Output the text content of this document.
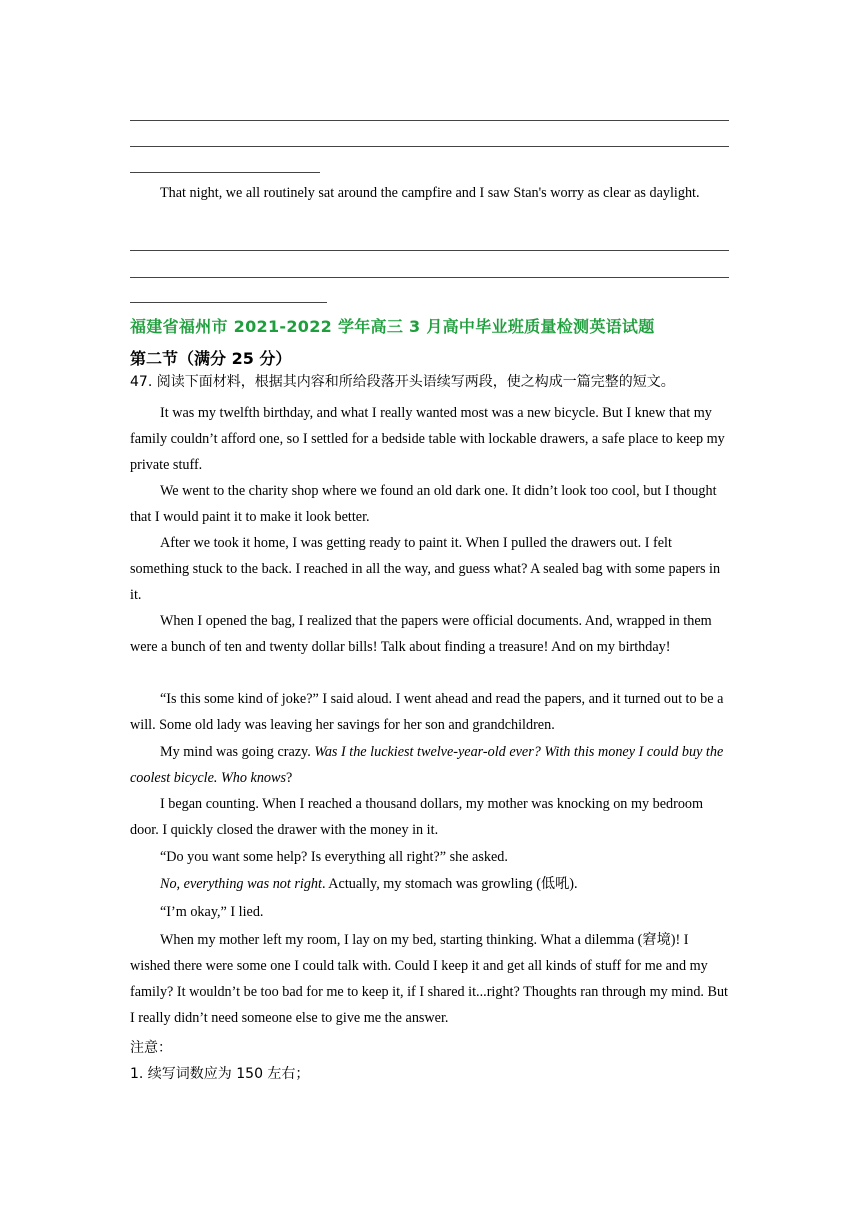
That night, we all routinely sat around the campfire and I saw Stan's worry as clear as daylight.

福建省福州市 2021-2022 学年高三 3 月高中毕业班质量检测英语试题
第二节（满分 25 分）
47. 阅读下面材料，根据其内容和所给段落开头语续写两段，使之构成一篇完整的短文。

It was my twelfth birthday, and what I really wanted most was a new bicycle. But I knew that my family couldn’t afford one, so I settled for a bedside table with lockable drawers, a safe place to keep my private stuff.

We went to the charity shop where we found an old dark one. It didn’t look too cool, but I thought that I would paint it to make it look better.

After we took it home, I was getting ready to paint it. When I pulled the drawers out. I felt something stuck to the back. I reached in all the way, and guess what? A sealed bag with some papers in it.

When I opened the bag, I realized that the papers were official documents. And, wrapped in them were a bunch of ten and twenty dollar bills! Talk about finding a treasure! And on my birthday!

“Is this some kind of joke?” I said aloud. I went ahead and read the papers, and it turned out to be a will. Some old lady was leaving her savings for her son and grandchildren.

My mind was going crazy. Was I the luckiest twelve-year-old ever? With this money I could buy the coolest bicycle. Who knows?

I began counting. When I reached a thousand dollars, my mother was knocking on my bedroom door. I quickly closed the drawer with the money in it.

“Do you want some help? Is everything all right?” she asked.

No, everything was not right. Actually, my stomach was growling (低吼).

“I’m okay,” I lied.

When my mother left my room, I lay on my bed, starting thinking. What a dilemma (窘境)! I wished there were some one I could talk with. Could I keep it and get all kinds of stuff for me and my family? It wouldn’t be too bad for me to keep it, if I shared it...right? Thoughts ran through my mind. But I really didn’t need someone else to give me the answer.

注意：
1. 续写词数应为 150 左右；
